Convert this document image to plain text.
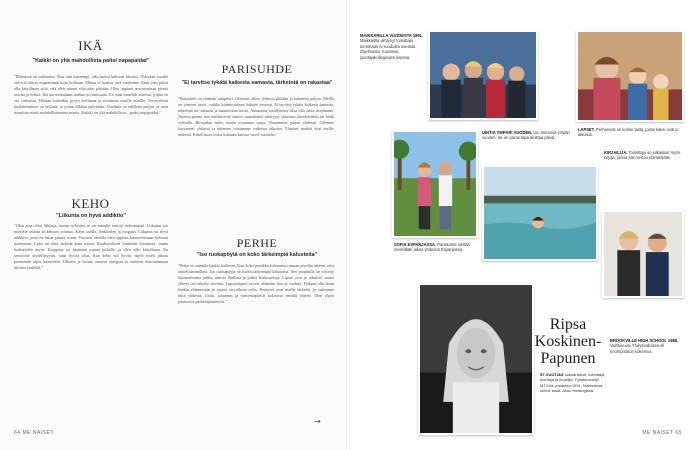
IKÄ

"Kaikki on yhä mahdollista paitsi napapaidat"

"Elämässä on vaiheensa. Kun olin nuorempi, aika tuntui kuluvan hitaasti. Nykyään vuodet vierivät ohitse nopeammin kuin koskaan. Minua ei haittaa, että vanhenen. Saan joka päivä olla kiitollinen siitä, että olen saanut elää näin pitkään. Olen oppinut arvostamaan pieniä asioita ja hetkiä. Ikä tuo mukanaan rauhaa ja varmuutta. En enää murehdi asioista, joihin en voi vaikuttaa. Haluan kuitenkin pysyä uteliaana ja avoimena uusille asioille. Terveydestä huolehtiminen on tärkeää, ja yritän liikkua päivittäin. Unelmia on edelleen paljon, ja aion toteuttaa niistä mahdollisimman monta. Kaikki on yhä mahdollista – paitsi napapaidat."

KEHO

"Liikunta on hyvä addiktio"

"Olen aina ollut liikkuja, mutta nykyään se on minulle entistä tärkeämpää. Liikunta tuo mielelle rauhaa ja kehoon voimaa. Käyn salilla, lenkkeilen ja joogaan. Liikunta on hyvä addiktio, josta en halua päästä eroon. Vuosien varrella olen oppinut kuuntelemaan kehoani paremmin. Lepo on yhtä tärkeää kuin treeni. Ruokavalioon kiinnitän huomiota, mutta herkuttelen myös. Kroppani on kantanut minua pitkälle, ja olen sille kiitollinen. En tavoittele täydellisyyttä, vaan hyvää oloa. Kun keho voi hyvin, myös mieli jaksaa paremmin arjen haasteissa. Ulkoilu ja luonto antavat energiaa ja auttavat rentoutumaan kiireen keskellä."

PARISUHDE

"Ei tarvitse tykätä kaikesta samasta, tärkeintä on rakastaa"

"Parisuhde on elämäni tukipilari. Olemme olleet yhdessä pitkään ja kokeneet paljon. Meillä on yhteiset arvot, vaikka kiinnostuksen kohteet eroavat. Ei tarvitse tykätä kaikesta samasta, tärkeintä on rakastaa ja kunnioittaa toista. Annamme toisillemme tilaa olla omia itsejämme. Arjessa pienet teot merkitsevät eniten: aamukahvi sänkyyn, yhteinen kävelylenkki tai hetki sohvalla. Riitojakin tulee, mutta osaamme sopia. Nauramme paljon yhdessä. Olemme kasvaneet yhdessä ja tukeneet toisiamme vaikeina aikoina. Yhteiset matkat ovat meille tärkeitä. Kiitollisuus toista kohtaan kasvaa vuosi vuodelta."

PERHE

"Iso ruokapöytä on koko tärkeimpiä kalusteita"

"Perhe on minulle kaikki kaikessa. Kun koko porukka kokoontuu saman pöydän ääreen, olen onnellisimmillani. Iso ruokapöytä on kodin tärkeimpiä kalusteita. Sen ympärillä on vietetty lukemattomia juhlia, arkisia illallisia ja pitkiä keskusteluja. Lapset ovat jo aikuisia, mutta yhteys on säilynyt tiiviinä. Lapsenlapset tuovat elämään iloa ja vauhtia. Haluan olla läsnä heidän elämässään ja tarjota turvallisen sylin. Perinteet ovat meille tärkeitä, ja vaalimme niitä yhdessä. Joulu, juhannus ja syntymäpäivät kokoavat meidät yhteen. Olen ylpeä jokaisesta perheenjäsenestä."

64 ME NAISET
→

MAIKKARILLA VUODESTA 1991. Maikkarilla viihtynyt toimittaja tunnetaan tv-ruudusta useasta ohjelmasta. Kuvassa juontajakollegoiden kanssa.

LAPSET. Perheessä on kolme lasta, joista kaksi ovat jo aikuisia.

UINTIA YMPÄRI VUODEN. Uin meressä ympäri vuoden. Se on paras tapa aloittaa päivä.

KIRJAILIJA. Toimittaja on julkaissut myös kirjoja, joissa hän kertoo elämästään.

SOFIA ESPANJASSA. Pariskunta viettää mielellään aikaa yhdessä Espanjassa.

Ripsa Koskinen-Papunen

57-VUOTIAS uutisankkuri, toimittaja, juontaja ja kirjailija. Työskennellyt MTV:llä vuodesta 1991. Naimisissa, kolme lasta. Asuu Helsingissä.

BROOKVILLE HIGH SCHOOL 1985. Vaihtovuosi Yhdysvalloissa oli unohtumaton kokemus.

ME NAISET 65
